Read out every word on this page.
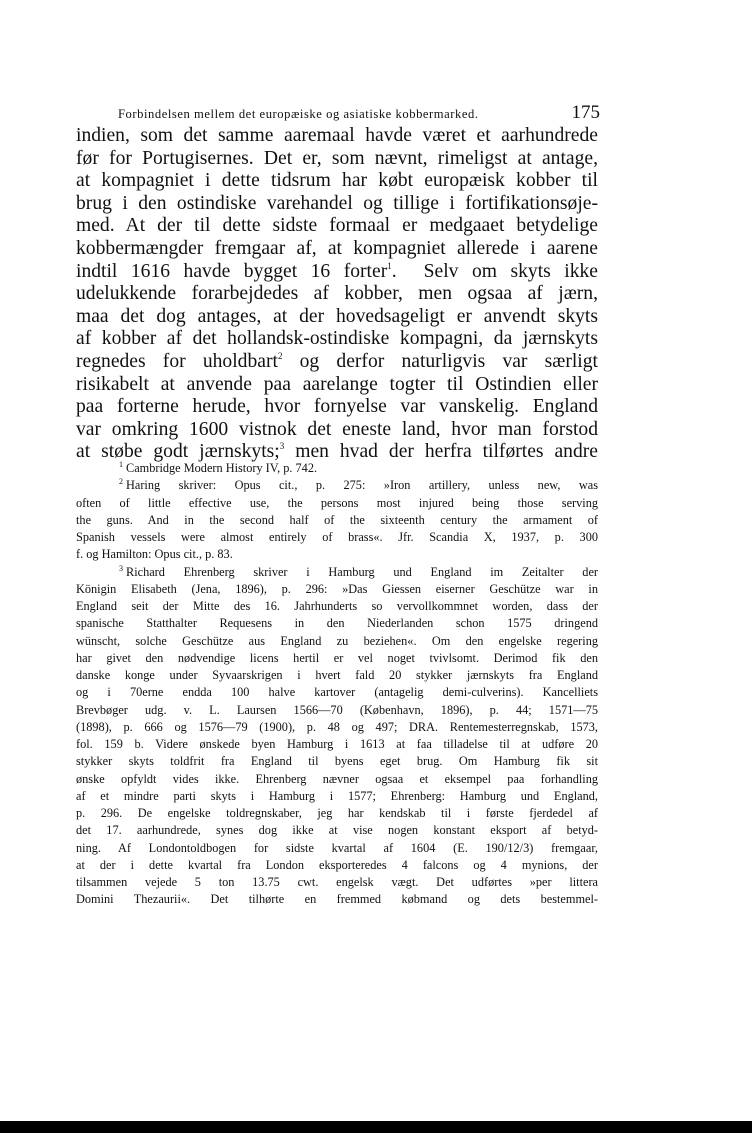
Forbindelsen mellem det europæiske og asiatiske kobbermarked.	175
indien, som det samme aaremaal havde været et aarhundrede
før for Portugisernes. Det er, som nævnt, rimeligst at antage,
at kompagniet i dette tidsrum har købt europæisk kobber til
brug i den ostindiske varehandel og tillige i fortifikationsøje-
med. At der til dette sidste formaal er medgaaet betydelige
kobbermængder fremgaar af, at kompagniet allerede i aarene
indtil 1616 havde bygget 16 forter$^1$.  Selv om skyts ikke
udelukkende forarbejdedes af kobber, men ogsaa af jærn,
maa det dog antages, at der hovedsageligt er anvendt skyts
af kobber af det hollandsk-ostindiske kompagni, da jærnskyts
regnedes for uholdbart$^2$ og derfor naturligvis var særligt
risikabelt at anvende paa aarelange togter til Ostindien eller
paa forterne herude, hvor fornyelse var vanskelig. England
var omkring 1600 vistnok det eneste land, hvor man forstod
at støbe godt jærnskyts;$^3$ men hvad der herfra tilførtes andre
$^1$ Cambridge Modern History IV, p. 742.
$^2$ Haring skriver: Opus cit., p. 275: »Iron artillery, unless new, was
often of little effective use, the persons most injured being those serving
the guns. And in the second half of the sixteenth century the armament of
Spanish vessels were almost entirely of brass«. Jfr. Scandia X, 1937, p. 300
f. og Hamilton: Opus cit., p. 83.
$^3$ Richard Ehrenberg skriver i Hamburg und England im Zeitalter der
Königin Elisabeth (Jena, 1896), p. 296: »Das Giessen eiserner Geschütze war in
England seit der Mitte des 16. Jahrhunderts so vervollkommnet worden, dass der
spanische Statthalter Requesens in den Niederlanden schon 1575 dringend
wünscht, solche Geschütze aus England zu beziehen«. Om den engelske regering
har givet den nødvendige licens hertil er vel noget tvivlsomt. Derimod fik den
danske konge under Syvaarskrigen i hvert fald 20 stykker jærnskyts fra England
og i 70erne endda 100 halve kartover (antagelig demi-culverins). Kancelliets
Brevbøger udg. v. L. Laursen 1566—70 (København, 1896), p. 44; 1571—75
(1898), p. 666 og 1576—79 (1900), p. 48 og 497; DRA. Rentemesterregnskab, 1573,
fol. 159 b. Videre ønskede byen Hamburg i 1613 at faa tilladelse til at udføre 20
stykker skyts toldfrit fra England til byens eget brug. Om Hamburg fik sit
ønske opfyldt vides ikke. Ehrenberg nævner ogsaa et eksempel paa forhandling
af et mindre parti skyts i Hamburg i 1577; Ehrenberg: Hamburg und England,
p. 296. De engelske toldregnskaber, jeg har kendskab til i første fjerdedel af
det 17. aarhundrede, synes dog ikke at vise nogen konstant eksport af betyd-
ning. Af Londontoldbogen for sidste kvartal af 1604 (E. 190/12/3) fremgaar,
at der i dette kvartal fra London eksporteredes 4 falcons og 4 mynions, der
tilsammen vejede 5 ton 13.75 cwt. engelsk vægt. Det udførtes »per littera
Domini Thezaurii«. Det tilhørte en fremmed købmand og dets bestemmel-
